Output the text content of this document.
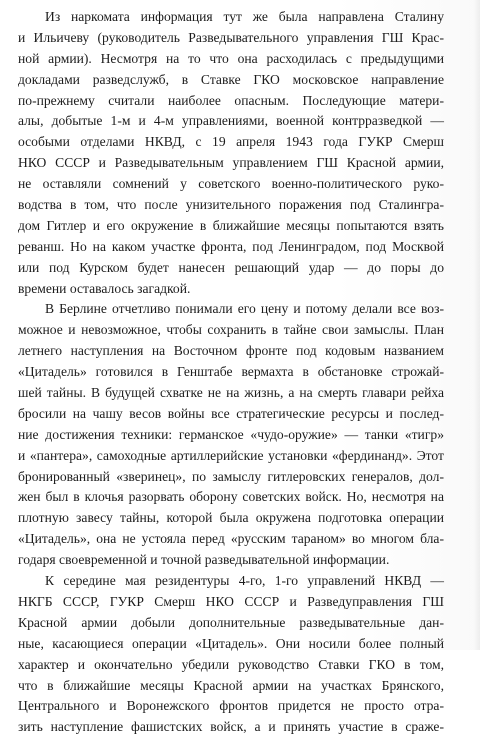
Из наркомата информация тут же была направлена Сталину
и Ильичеву (руководитель Разведывательного управления ГШ Крас-
ной армии). Несмотря на то что она расходилась с предыдущими
докладами разведслужб, в Ставке ГКО московское направление
по-прежнему считали наиболее опасным. Последующие матери-
алы, добытые 1-м и 4-м управлениями, военной контрразведкой —
особыми отделами НКВД, с 19 апреля 1943 года ГУКР Смерш
НКО СССР и Разведывательным управлением ГШ Красной армии,
не оставляли сомнений у советского военно-политического руко-
водства в том, что после унизительного поражения под Сталингра-
дом Гитлер и его окружение в ближайшие месяцы попытаются взять
реванш. Но на каком участке фронта, под Ленинградом, под Москвой
или под Курском будет нанесен решающий удар — до поры до
времени оставалось загадкой.
В Берлине отчетливо понимали его цену и потому делали все воз-
можное и невозможное, чтобы сохранить в тайне свои замыслы. План
летнего наступления на Восточном фронте под кодовым названием
«Цитадель» готовился в Генштабе вермахта в обстановке строжай-
шей тайны. В будущей схватке не на жизнь, а на смерть главари рейха
бросили на чашу весов войны все стратегические ресурсы и послед-
ние достижения техники: германское «чудо-оружие» — танки «тигр»
и «пантера», самоходные артиллерийские установки «фердинанд». Этот
бронированный «зверинец», по замыслу гитлеровских генералов, дол-
жен был в клочья разорвать оборону советских войск. Но, несмотря на
плотную завесу тайны, которой была окружена подготовка операции
«Цитадель», она не устояла перед «русским тараном» во многом бла-
годаря своевременной и точной разведывательной информации.
К середине мая резидентуры 4-го, 1-го управлений НКВД —
НКГБ СССР, ГУКР Смерш НКО СССР и Разведуправления ГШ
Красной армии добыли дополнительные разведывательные дан-
ные, касающиеся операции «Цитадель». Они носили более полный
характер и окончательно убедили руководство Ставки ГКО в том,
что в ближайшие месяцы Красной армии на участках Брянского,
Центрального и Воронежского фронтов придется не просто отра-
зить наступление фашистских войск, а и принять участие в сраже-
